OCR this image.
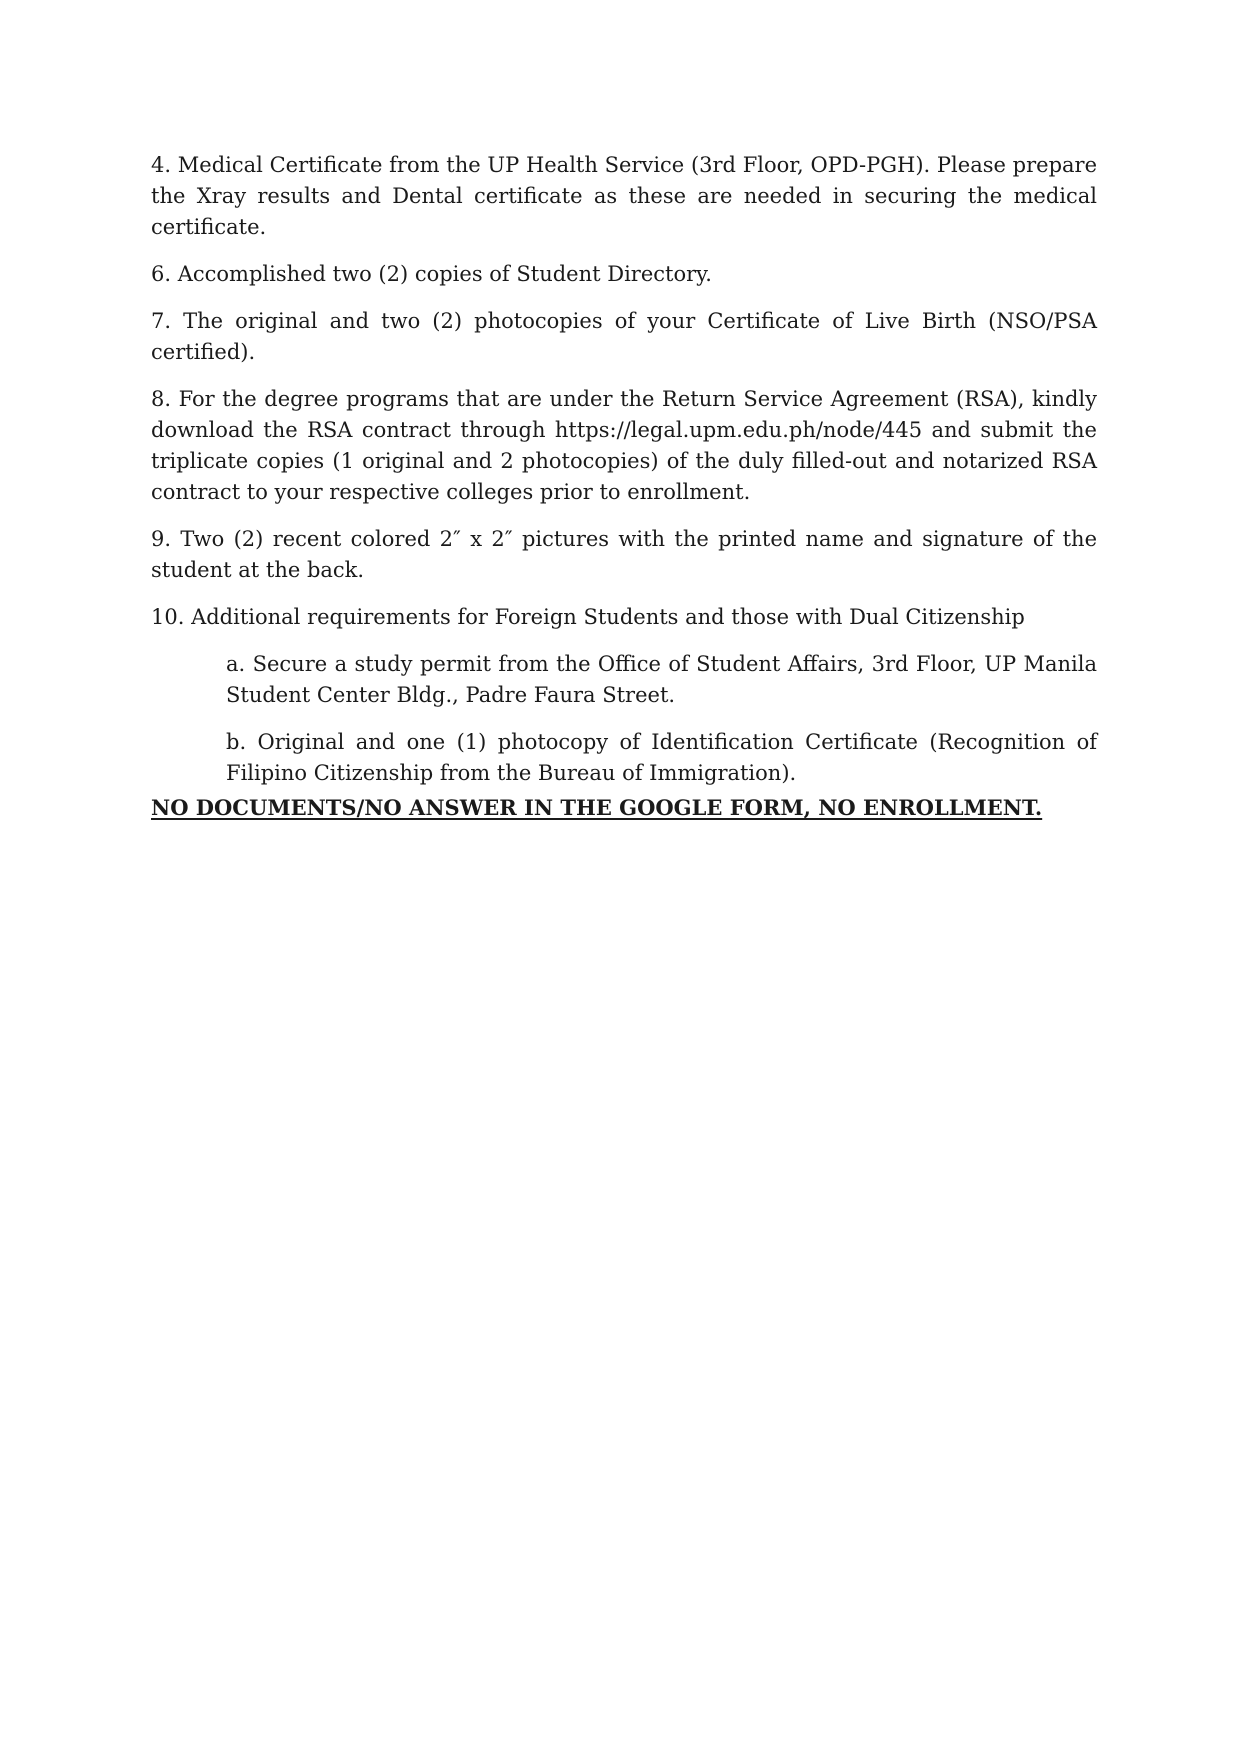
4. Medical Certificate from the UP Health Service (3rd Floor, OPD-PGH). Please prepare the Xray results and Dental certificate as these are needed in securing the medical certificate.

6. Accomplished two (2) copies of Student Directory.

7. The original and two (2) photocopies of your Certificate of Live Birth (NSO/PSA certified).

8. For the degree programs that are under the Return Service Agreement (RSA), kindly download the RSA contract through https://legal.upm.edu.ph/node/445 and submit the triplicate copies (1 original and 2 photocopies) of the duly filled-out and notarized RSA contract to your respective colleges prior to enrollment.

9. Two (2) recent colored 2″ x 2″ pictures with the printed name and signature of the student at the back.

10. Additional requirements for Foreign Students and those with Dual Citizenship

a. Secure a study permit from the Office of Student Affairs, 3rd Floor, UP Manila Student Center Bldg., Padre Faura Street.

b. Original and one (1) photocopy of Identification Certificate (Recognition of Filipino Citizenship from the Bureau of Immigration).

NO DOCUMENTS/NO ANSWER IN THE GOOGLE FORM, NO ENROLLMENT.
